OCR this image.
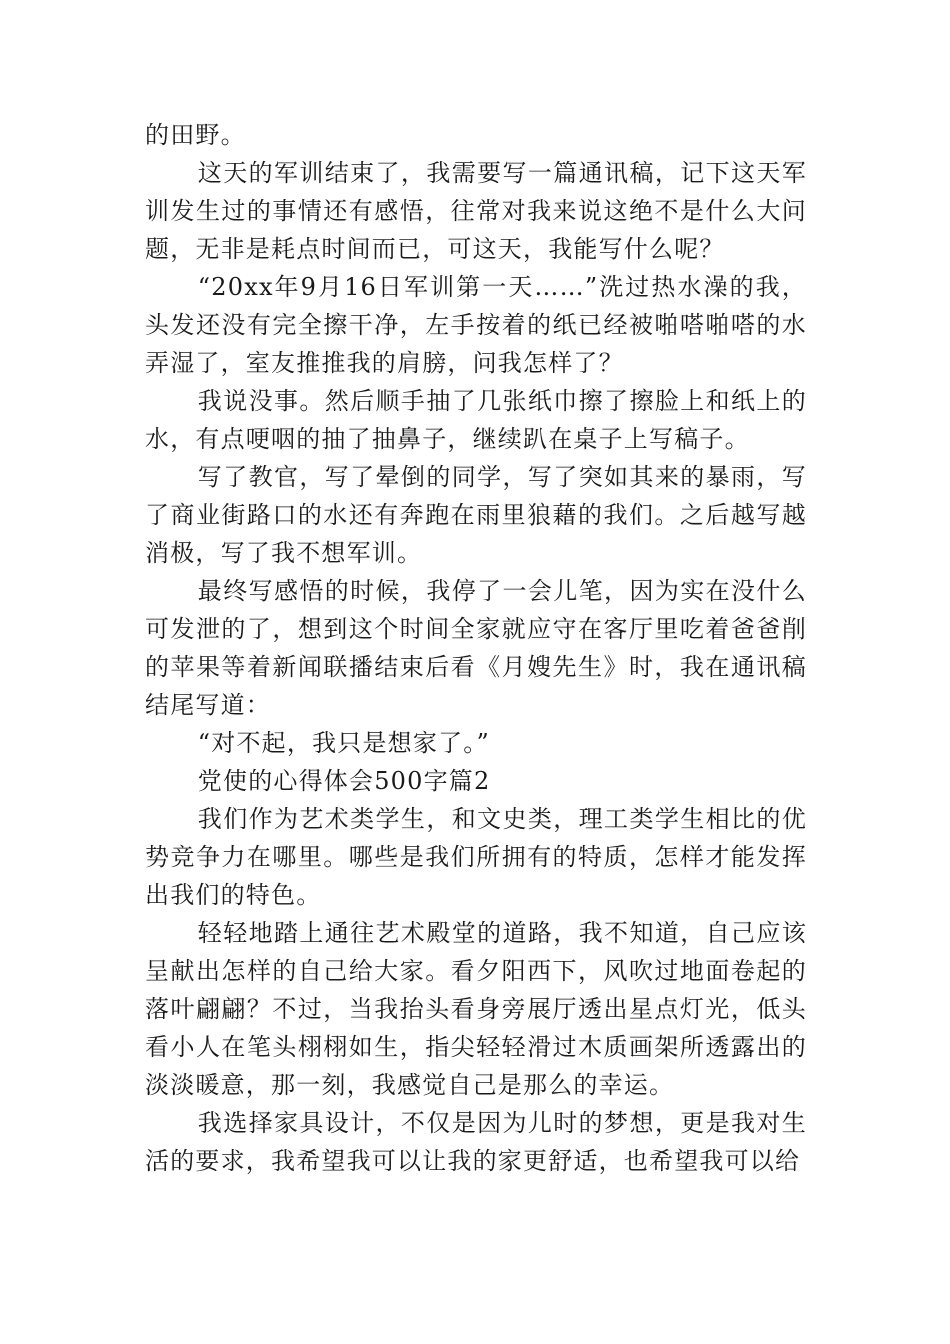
的田野。

这天的军训结束了，我需要写一篇通讯稿，记下这天军训发生过的事情还有感悟，往常对我来说这绝不是什么大问题，无非是耗点时间而已，可这天，我能写什么呢？

“20xx年9月16日军训第一天……”洗过热水澡的我，头发还没有完全擦干净，左手按着的纸已经被啪嗒啪嗒的水弄湿了，室友推推我的肩膀，问我怎样了？

我说没事。然后顺手抽了几张纸巾擦了擦脸上和纸上的水，有点哽咽的抽了抽鼻子，继续趴在桌子上写稿子。

写了教官，写了晕倒的同学，写了突如其来的暴雨，写了商业街路口的水还有奔跑在雨里狼藉的我们。之后越写越消极，写了我不想军训。

最终写感悟的时候，我停了一会儿笔，因为实在没什么可发泄的了，想到这个时间全家就应守在客厅里吃着爸爸削的苹果等着新闻联播结束后看《月嫂先生》时，我在通讯稿结尾写道：

“对不起，我只是想家了。”

党使的心得体会500字篇2

我们作为艺术类学生，和文史类，理工类学生相比的优势竞争力在哪里。哪些是我们所拥有的特质，怎样才能发挥出我们的特色。

轻轻地踏上通往艺术殿堂的道路，我不知道，自己应该呈献出怎样的自己给大家。看夕阳西下，风吹过地面卷起的落叶翩翩？不过，当我抬头看身旁展厅透出星点灯光，低头看小人在笔头栩栩如生，指尖轻轻滑过木质画架所透露出的淡淡暖意，那一刻，我感觉自己是那么的幸运。

我选择家具设计，不仅是因为儿时的梦想，更是我对生活的要求，我希望我可以让我的家更舒适，也希望我可以给
